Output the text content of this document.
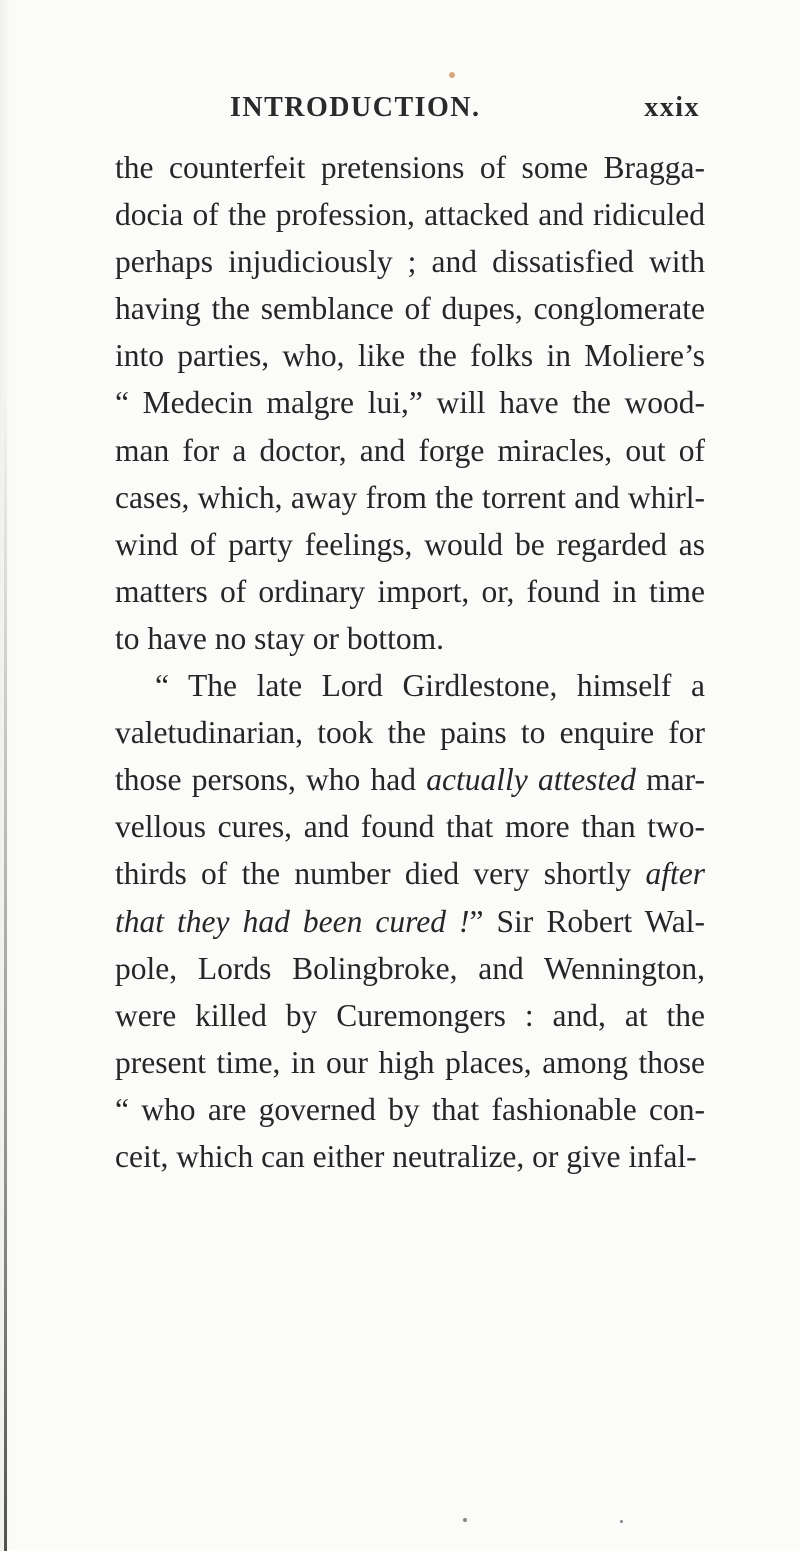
INTRODUCTION.	xxix
the counterfeit pretensions of some Bragga-
docia of the profession, attacked and ridiculed
perhaps injudiciously ; and dissatisfied with
having the semblance of dupes, conglomerate
into parties, who, like the folks in Moliere’s
“ Medecin malgre lui,” will have the wood-
man for a doctor, and forge miracles, out of
cases, which, away from the torrent and whirl-
wind of party feelings, would be regarded as
matters of ordinary import, or, found in time
to have no stay or bottom.
“ The late Lord Girdlestone, himself a
valetudinarian, took the pains to enquire for
those persons, who had actually attested mar-
vellous cures, and found that more than two-
thirds of the number died very shortly after
that they had been cured !” Sir Robert Wal-
pole, Lords Bolingbroke, and Wennington,
were killed by Curemongers : and, at the
present time, in our high places, among those
“ who are governed by that fashionable con-
ceit, which can either neutralize, or give infal-
